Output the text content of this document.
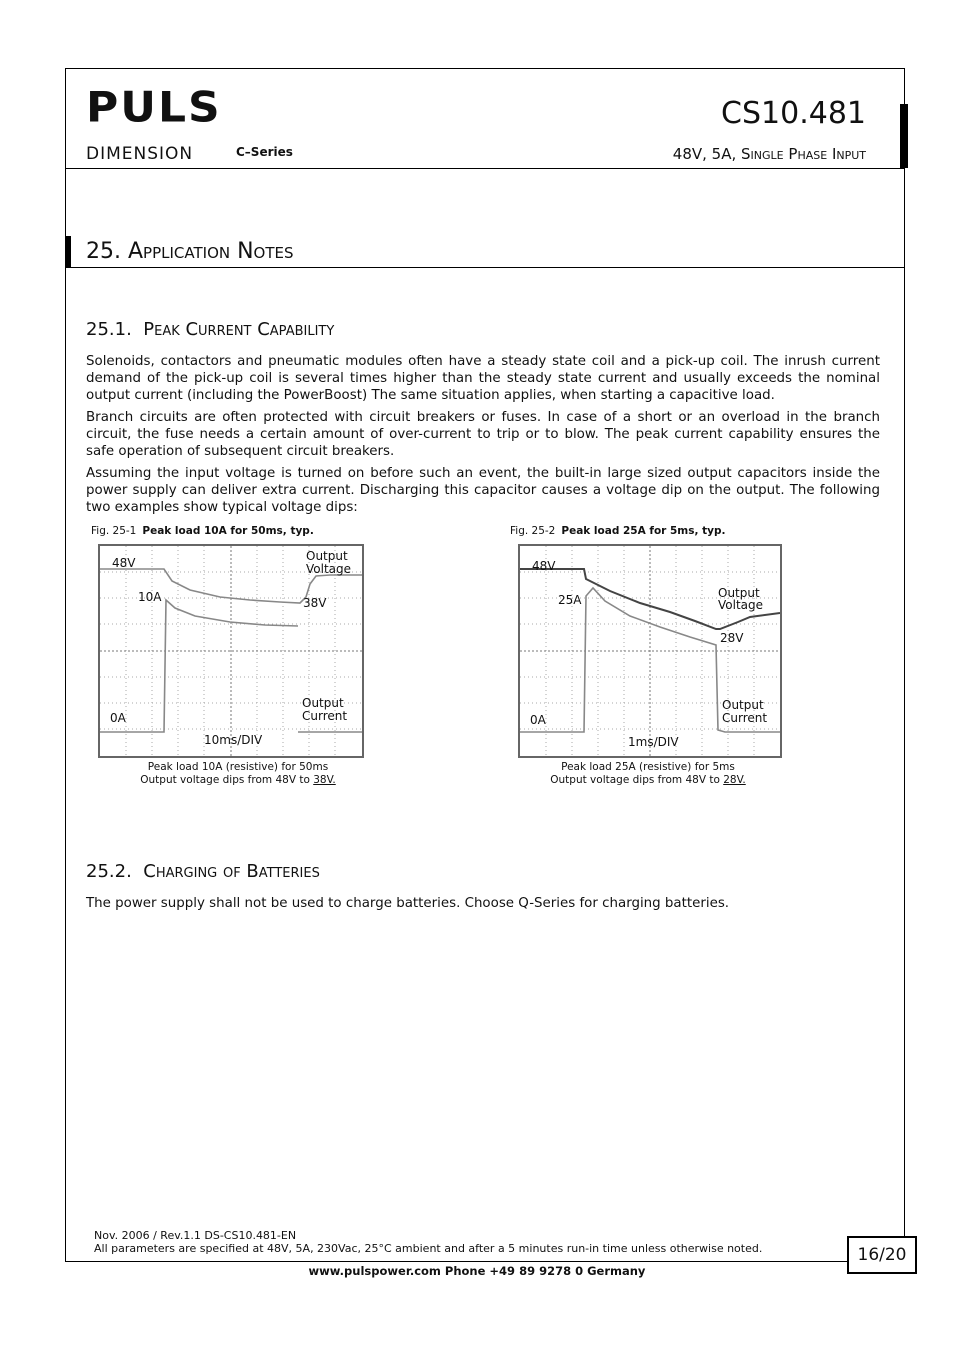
PULS
DIMENSION	C–Series
CS10.481
48V, 5A, Single Phase Input
25. Application Notes
25.1. Peak Current Capability

Solenoids, contactors and pneumatic modules often have a steady state coil and a pick-up coil. The inrush current demand of the pick-up coil is several times higher than the steady state current and usually exceeds the nominal output current (including the PowerBoost) The same situation applies, when starting a capacitive load.

Branch circuits are often protected with circuit breakers or fuses. In case of a short or an overload in the branch circuit, the fuse needs a certain amount of over-current to trip or to blow. The peak current capability ensures the safe operation of subsequent circuit breakers.

Assuming the input voltage is turned on before such an event, the built-in large sized output capacitors inside the power supply can deliver extra current. Discharging this capacitor causes a voltage dip on the output. The following two examples show typical voltage dips:

Fig. 25-1 Peak load 10A for 50ms, typ.
48V
10A
Output
Voltage
38V
0A
Output
Current
10ms/DIV
Peak load 10A (resistive) for 50ms
Output voltage dips from 48V to 38V.
Fig. 25-2 Peak load 25A for 5ms, typ.
48V
25A	Output
Voltage
28V
0A
Output
Current
1ms/DIV
Peak load 25A (resistive) for 5ms
Output voltage dips from 48V to 28V.
25.2. Charging of Batteries

The power supply shall not be used to charge batteries. Choose Q-Series for charging batteries.

Nov. 2006 / Rev.1.1 DS-CS10.481-EN
All parameters are specified at 48V, 5A, 230Vac, 25°C ambient and after a 5 minutes run-in time unless otherwise noted.	16/20
www.pulspower.com Phone +49 89 9278 0 Germany
